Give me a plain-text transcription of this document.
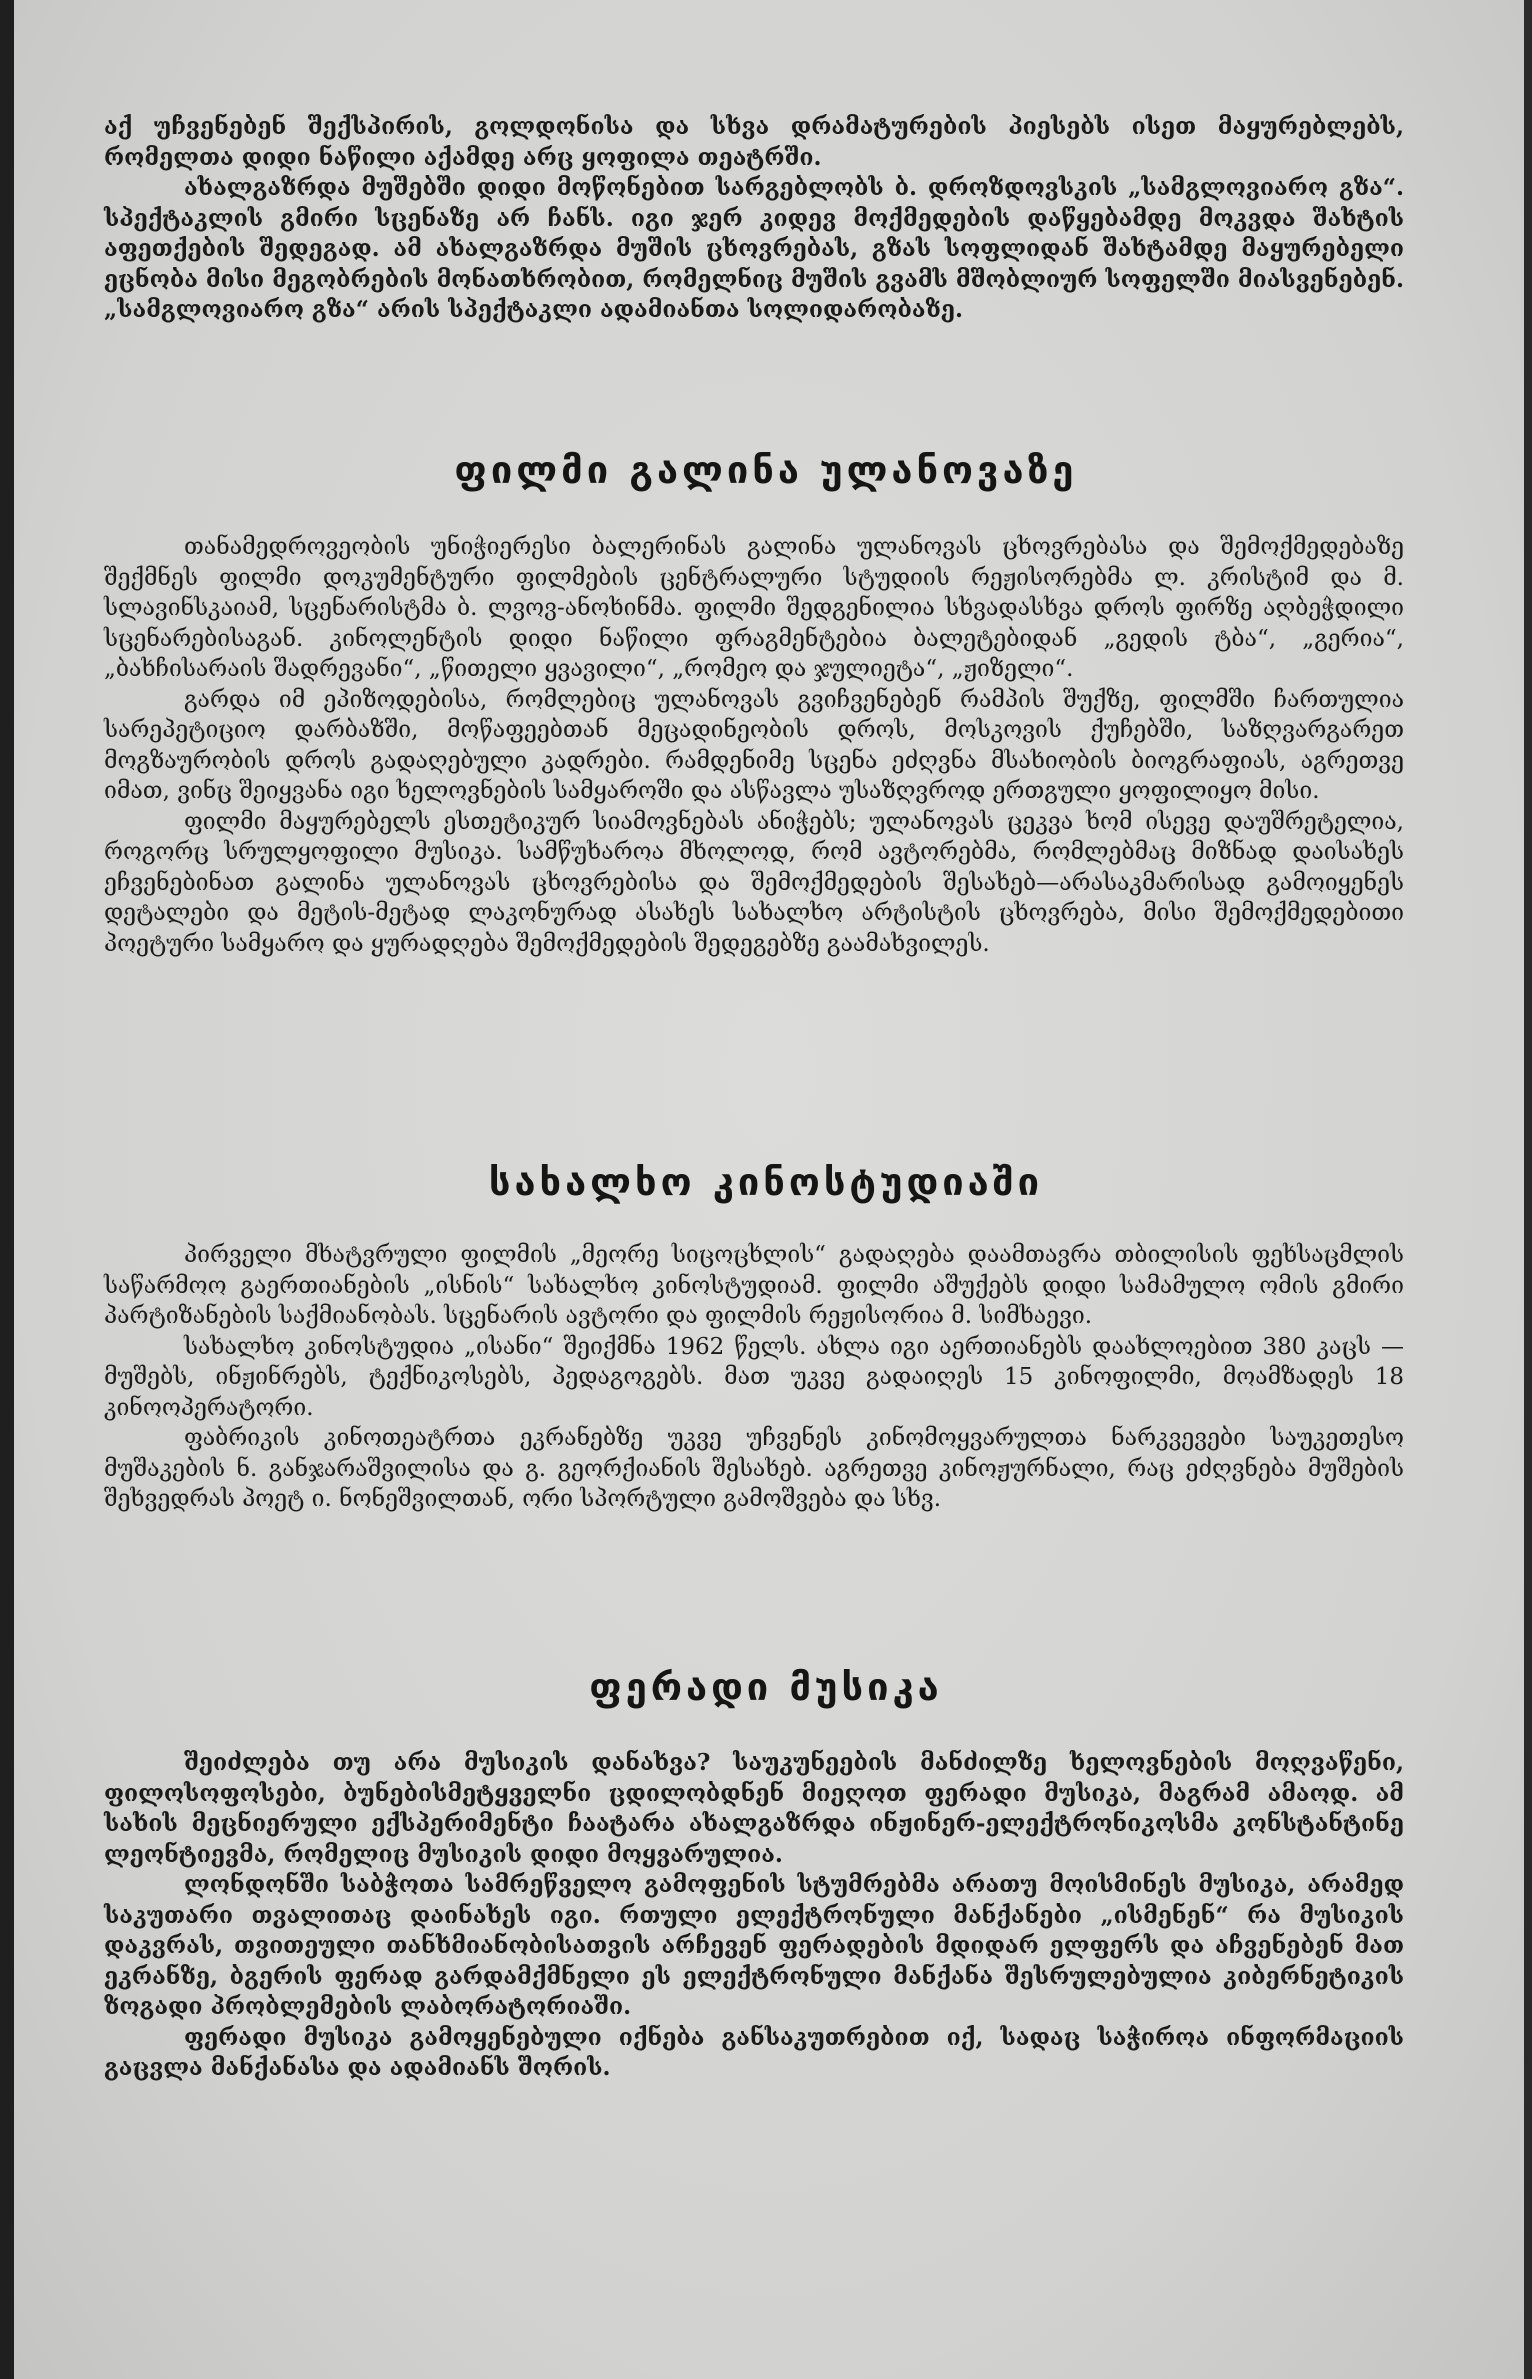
აქ უჩვენებენ შექსპირის, გოლდონისა და სხვა დრამატურების პიესებს ისეთ მაყურებლებს, რომელთა დიდი ნაწილი აქამდე არც ყოფილა თეატრში.

ახალგაზრდა მუშებში დიდი მოწონებით სარგებლობს ბ. დროზდოვსკის „სამგლოვიარო გზა“. სპექტაკლის გმირი სცენაზე არ ჩანს. იგი ჯერ კიდევ მოქმედების დაწყებამდე მოკვდა შახტის აფეთქების შედეგად. ამ ახალგაზრდა მუშის ცხოვრებას, გზას სოფლიდან შახტამდე მაყურებელი ეცნობა მისი მეგობრების მონათხრობით, რომელნიც მუშის გვამს მშობლიურ სოფელში მიასვენებენ. „სამგლოვიარო გზა“ არის სპექტაკლი ადამიანთა სოლიდარობაზე.

ფილმი გალინა ულანოვაზე

თანამედროვეობის უნიჭიერესი ბალერინას გალინა ულანოვას ცხოვრებასა და შემოქმედებაზე შექმნეს ფილმი დოკუმენტური ფილმების ცენტრალური სტუდიის რეჟისორებმა ლ. კრისტიმ და მ. სლავინსკაიამ, სცენარისტმა ბ. ლვოვ-ანოხინმა. ფილმი შედგენილია სხვადასხვა დროს ფირზე აღბეჭდილი სცენარებისაგან. კინოლენტის დიდი ნაწილი ფრაგმენტებია ბალეტებიდან „გედის ტბა“, „გერია“, „ბახჩისარაის შადრევანი“, „წითელი ყვავილი“, „რომეო და ჯულიეტა“, „ჟიზელი“.

გარდა იმ ეპიზოდებისა, რომლებიც ულანოვას გვიჩვენებენ რამპის შუქზე, ფილმში ჩართულია სარეპეტიციო დარბაზში, მოწაფეებთან მეცადინეობის დროს, მოსკოვის ქუჩებში, საზღვარგარეთ მოგზაურობის დროს გადაღებული კადრები. რამდენიმე სცენა ეძღვნა მსახიობის ბიოგრაფიას, აგრეთვე იმათ, ვინც შეიყვანა იგი ხელოვნების სამყაროში და ასწავლა უსაზღვროდ ერთგული ყოფილიყო მისი.

ფილმი მაყურებელს ესთეტიკურ სიამოვნებას ანიჭებს; ულანოვას ცეკვა ხომ ისევე დაუშრეტელია, როგორც სრულყოფილი მუსიკა. სამწუხაროა მხოლოდ, რომ ავტორებმა, რომლებმაც მიზნად დაისახეს ეჩვენებინათ გალინა ულანოვას ცხოვრებისა და შემოქმედების შესახებ—არასაკმარისად გამოიყენეს დეტალები და მეტის-მეტად ლაკონურად ასახეს სახალხო არტისტის ცხოვრება, მისი შემოქმედებითი პოეტური სამყარო და ყურადღება შემოქმედების შედეგებზე გაამახვილეს.

სახალხო კინოსტუდიაში

პირველი მხატვრული ფილმის „მეორე სიცოცხლის“ გადაღება დაამთავრა თბილისის ფეხსაცმლის საწარმოო გაერთიანების „ისნის“ სახალხო კინოსტუდიამ. ფილმი აშუქებს დიდი სამამულო ომის გმირი პარტიზანების საქმიანობას. სცენარის ავტორი და ფილმის რეჟისორია მ. სიმხაევი.

სახალხო კინოსტუდია „ისანი“ შეიქმნა 1962 წელს. ახლა იგი აერთიანებს დაახლოებით 380 კაცს — მუშებს, ინჟინრებს, ტექნიკოსებს, პედაგოგებს. მათ უკვე გადაიღეს 15 კინოფილმი, მოამზადეს 18 კინოოპერატორი.

ფაბრიკის კინოთეატრთა ეკრანებზე უკვე უჩვენეს კინომოყვარულთა ნარკვევები საუკეთესო მუშაკების ნ. განჯარაშვილისა და გ. გეორქიანის შესახებ. აგრეთვე კინოჟურნალი, რაც ეძღვნება მუშების შეხვედრას პოეტ ი. ნონეშვილთან, ორი სპორტული გამოშვება და სხვ.

ფერადი მუსიკა

შეიძლება თუ არა მუსიკის დანახვა? საუკუნეების მანძილზე ხელოვნების მოღვაწენი, ფილოსოფოსები, ბუნებისმეტყველნი ცდილობდნენ მიეღოთ ფერადი მუსიკა, მაგრამ ამაოდ. ამ სახის მეცნიერული ექსპერიმენტი ჩაატარა ახალგაზრდა ინჟინერ-ელექტრონიკოსმა კონსტანტინე ლეონტიევმა, რომელიც მუსიკის დიდი მოყვარულია.

ლონდონში საბჭოთა სამრეწველო გამოფენის სტუმრებმა არათუ მოისმინეს მუსიკა, არამედ საკუთარი თვალითაც დაინახეს იგი. რთული ელექტრონული მანქანები „ისმენენ“ რა მუსიკის დაკვრას, თვითეული თანხმიანობისათვის არჩევენ ფერადების მდიდარ ელფერს და აჩვენებენ მათ ეკრანზე, ბგერის ფერად გარდამქმნელი ეს ელექტრონული მანქანა შესრულებულია კიბერნეტიკის ზოგადი პრობლემების ლაბორატორიაში.

ფერადი მუსიკა გამოყენებული იქნება განსაკუთრებით იქ, სადაც საჭიროა ინფორმაციის გაცვლა მანქანასა და ადამიანს შორის.
